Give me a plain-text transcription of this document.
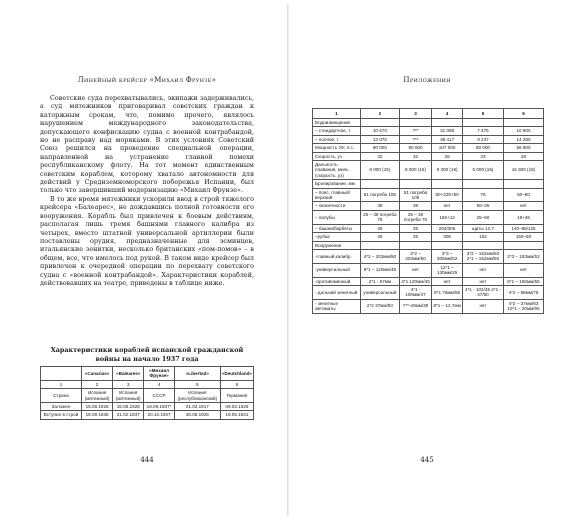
Линейный крейсер «Михаил Фрунзе»

Советские суда перехватывались, экипажи задерживались, а суд мятежников приговаривал советских граждан к каторжным срокам, что, помимо прочего, являлось нарушением международного законодательства, допускающего конфискацию судна с военной контрабандой, но не расправу над моряками. В этих условиях Советский Союз решился на проведение специальной операции, направленной на устранение главной помехи республиканскому флоту. На тот момент единственным советским кораблем, которому хватало автономности для действий у Средиземноморского побережья Испании, был только что завершивший модернизацию «Михаил Фрунзе».

В то же время мятежники ускорили ввод в строй тяжелого крейсера «Балеарес», не дождавшись полной готовности его вооружения. Корабль был привлечен к боевым действиям, располагая лишь тремя башнями главного калибра из четырех, вместо штатной универсальной артиллерии были поставлены орудия, предназначенные для эсминцев, итальянские зенитки, несколько британских «пом-помов» – в общем, все, что имелось под рукой. В таком виде крейсер был привлечен к очередной операции по перехвату советского судна с «военной контрабандой». Характеристики кораблей, действовавших на театре, приведены в таблице ниже.

Характеристики кораблей испанской гражданской войны на начало 1937 года
	«Canarias»	«Baleares»	«Михаил Фрунзе»	«Libertad»	«Deutchland»
1	2	3	4	5	6
Страна	Испания (мятежный)	Испания (мятежный)	СССР	Испания (республиканский)	Германия
Заложен	15.08.1928	15.08.1928	18.09.1937*	01.02.1917	09.02.1928
Вступил в строй	18.09.1936	21.02.1937	20.10.1937	30.08.1925	19.05.1931
444
Приложения
1	2	3	4	5	6
Водоизмещение					
– стандартное, т	10 670	?**	31 085	7 475	10 600
– полное, т	13 070	?**	38 417	9 237	14 290
Мощность ЭУ, л.с.	90 000	90 000	107 000	80 000	56 800
Скорость, уз	32	32	28	33	28
Дальность плавания, миль (скорость, уз)	8 000 (15)	8 000 (15)	9 300 (19)	5 000 (15)	16 300 (18)
Бронирование, мм					
– пояс, главный/верхний	51 погреба 105	51 погреба 105	50+225+50	76	50–80
– оконечности	38	38	нет	50–25	нет
– палубы	25 – 38 погреба 76	25 – 38 погреба 76	155+12	25–50	18+45
– башни/барбеты	25	25	203/305	щиты 12,7	140–85/125
–рубка	25	25	305	152	150–50
Вооружение					
-главный калибр	4*2 – 203мм/50	3*2 – 203мм/50	3*3 – 305мм/52	3*2 – 152мм/50 2*1 – 152мм/50	2*3 – 183мм/52
-универсальный	8*1 – 120мм/45	нет	12*1 – 130мм/25	нет	нет
-противоминный	2*1 - 57мм	4*1 120мм/45	нет	нет	8*1 – 150мм/55
- дальний зенитный	универсальный	4*1 - 100мм/47	8*1 76мм/55	4*1 - 102/45 2*1 - 47/50	4*2 – 88мм/78
- зенитные автоматы	2*2 37мм/83	?**-40мм/39	8*1 – 12,7мм	нет	4*2 – 37мм/83 10*1 – 20мм/65
445
